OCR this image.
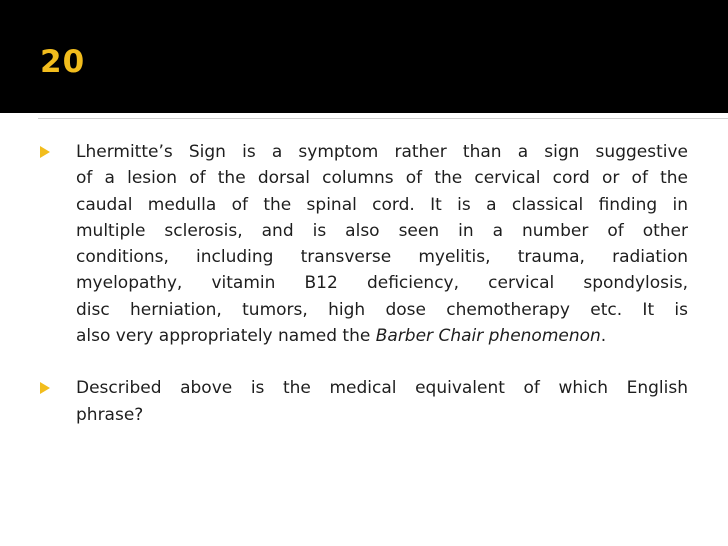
20
Lhermitte’s Sign is a symptom rather than a sign suggestive
of a lesion of the dorsal columns of the cervical cord or of the
caudal medulla of the spinal cord. It is a classical finding in
multiple sclerosis, and is also seen in a number of other
conditions, including transverse myelitis, trauma, radiation
myelopathy, vitamin B12 deficiency, cervical spondylosis,
disc herniation, tumors, high dose chemotherapy etc. It is
also very appropriately named the Barber Chair phenomenon.
Described above is the medical equivalent of which English
phrase?
